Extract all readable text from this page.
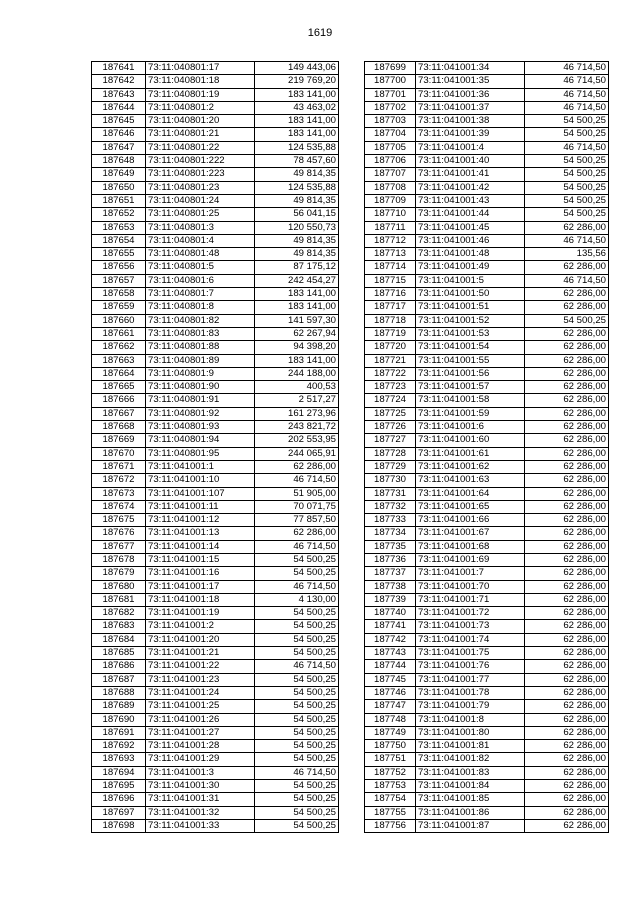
1619
187641	73:11:040801:17	149 443,06
187642	73:11:040801:18	219 769,20
187643	73:11:040801:19	183 141,00
187644	73:11:040801:2	43 463,02
187645	73:11:040801:20	183 141,00
187646	73:11:040801:21	183 141,00
187647	73:11:040801:22	124 535,88
187648	73:11:040801:222	78 457,60
187649	73:11:040801:223	49 814,35
187650	73:11:040801:23	124 535,88
187651	73:11:040801:24	49 814,35
187652	73:11:040801:25	56 041,15
187653	73:11:040801:3	120 550,73
187654	73:11:040801:4	49 814,35
187655	73:11:040801:48	49 814,35
187656	73:11:040801:5	87 175,12
187657	73:11:040801:6	242 454,27
187658	73:11:040801:7	183 141,00
187659	73:11:040801:8	183 141,00
187660	73:11:040801:82	141 597,30
187661	73:11:040801:83	62 267,94
187662	73:11:040801:88	94 398,20
187663	73:11:040801:89	183 141,00
187664	73:11:040801:9	244 188,00
187665	73:11:040801:90	400,53
187666	73:11:040801:91	2 517,27
187667	73:11:040801:92	161 273,96
187668	73:11:040801:93	243 821,72
187669	73:11:040801:94	202 553,95
187670	73:11:040801:95	244 065,91
187671	73:11:041001:1	62 286,00
187672	73:11:041001:10	46 714,50
187673	73:11:041001:107	51 905,00
187674	73:11:041001:11	70 071,75
187675	73:11:041001:12	77 857,50
187676	73:11:041001:13	62 286,00
187677	73:11:041001:14	46 714,50
187678	73:11:041001:15	54 500,25
187679	73:11:041001:16	54 500,25
187680	73:11:041001:17	46 714,50
187681	73:11:041001:18	4 130,00
187682	73:11:041001:19	54 500,25
187683	73:11:041001:2	54 500,25
187684	73:11:041001:20	54 500,25
187685	73:11:041001:21	54 500,25
187686	73:11:041001:22	46 714,50
187687	73:11:041001:23	54 500,25
187688	73:11:041001:24	54 500,25
187689	73:11:041001:25	54 500,25
187690	73:11:041001:26	54 500,25
187691	73:11:041001:27	54 500,25
187692	73:11:041001:28	54 500,25
187693	73:11:041001:29	54 500,25
187694	73:11:041001:3	46 714,50
187695	73:11:041001:30	54 500,25
187696	73:11:041001:31	54 500,25
187697	73:11:041001:32	54 500,25
187698	73:11:041001:33	54 500,25
187699	73:11:041001:34	46 714,50
187700	73:11:041001:35	46 714,50
187701	73:11:041001:36	46 714,50
187702	73:11:041001:37	46 714,50
187703	73:11:041001:38	54 500,25
187704	73:11:041001:39	54 500,25
187705	73:11:041001:4	46 714,50
187706	73:11:041001:40	54 500,25
187707	73:11:041001:41	54 500,25
187708	73:11:041001:42	54 500,25
187709	73:11:041001:43	54 500,25
187710	73:11:041001:44	54 500,25
187711	73:11:041001:45	62 286,00
187712	73:11:041001:46	46 714,50
187713	73:11:041001:48	135,56
187714	73:11:041001:49	62 286,00
187715	73:11:041001:5	46 714,50
187716	73:11:041001:50	62 286,00
187717	73:11:041001:51	62 286,00
187718	73:11:041001:52	54 500,25
187719	73:11:041001:53	62 286,00
187720	73:11:041001:54	62 286,00
187721	73:11:041001:55	62 286,00
187722	73:11:041001:56	62 286,00
187723	73:11:041001:57	62 286,00
187724	73:11:041001:58	62 286,00
187725	73:11:041001:59	62 286,00
187726	73:11:041001:6	62 286,00
187727	73:11:041001:60	62 286,00
187728	73:11:041001:61	62 286,00
187729	73:11:041001:62	62 286,00
187730	73:11:041001:63	62 286,00
187731	73:11:041001:64	62 286,00
187732	73:11:041001:65	62 286,00
187733	73:11:041001:66	62 286,00
187734	73:11:041001:67	62 286,00
187735	73:11:041001:68	62 286,00
187736	73:11:041001:69	62 286,00
187737	73:11:041001:7	62 286,00
187738	73:11:041001:70	62 286,00
187739	73:11:041001:71	62 286,00
187740	73:11:041001:72	62 286,00
187741	73:11:041001:73	62 286,00
187742	73:11:041001:74	62 286,00
187743	73:11:041001:75	62 286,00
187744	73:11:041001:76	62 286,00
187745	73:11:041001:77	62 286,00
187746	73:11:041001:78	62 286,00
187747	73:11:041001:79	62 286,00
187748	73:11:041001:8	62 286,00
187749	73:11:041001:80	62 286,00
187750	73:11:041001:81	62 286,00
187751	73:11:041001:82	62 286,00
187752	73:11:041001:83	62 286,00
187753	73:11:041001:84	62 286,00
187754	73:11:041001:85	62 286,00
187755	73:11:041001:86	62 286,00
187756	73:11:041001:87	62 286,00
